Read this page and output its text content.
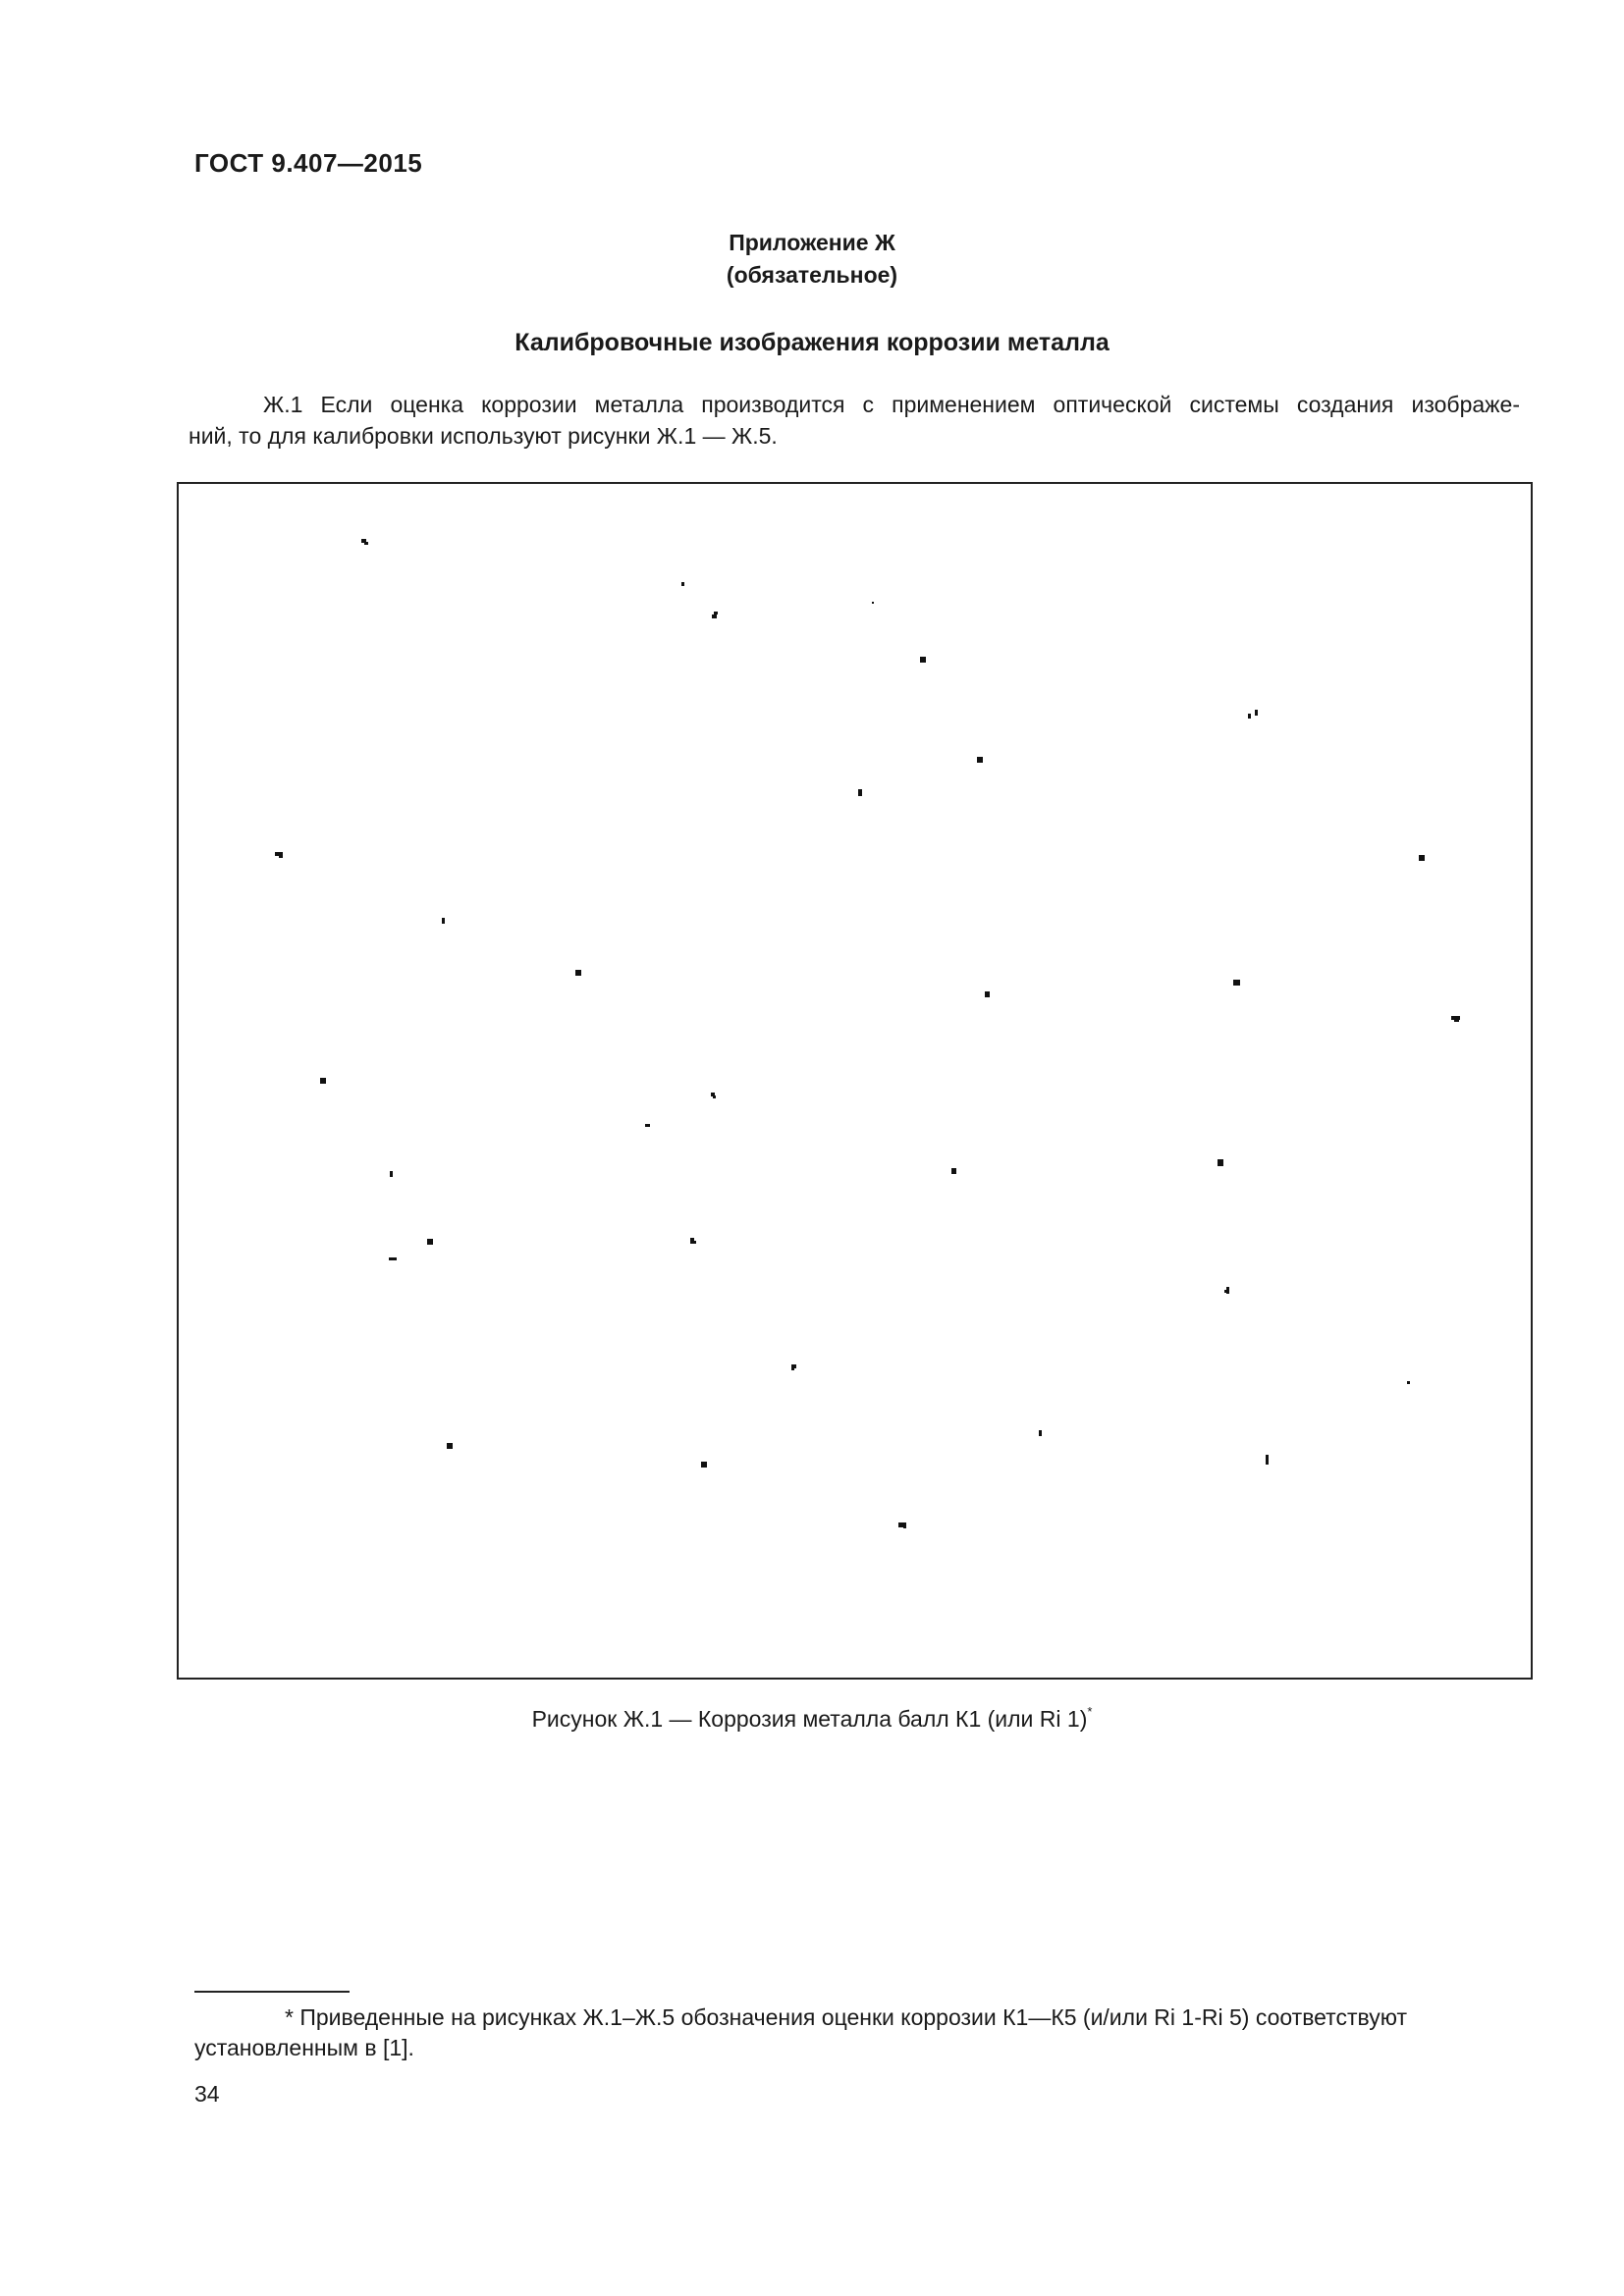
ГОСТ 9.407—2015
Приложение Ж
(обязательное)
Калибровочные изображения коррозии металла
Ж.1 Если оценка коррозии металла производится с применением оптической системы создания изображе-
ний, то для калибровки используют рисунки Ж.1 — Ж.5.
Рисунок Ж.1 — Коррозия металла балл К1 (или Ri 1)*
* Приведенные на рисунках Ж.1–Ж.5 обозначения оценки коррозии К1—К5 (и/или Ri 1-Ri 5) соответствуют
установленным в [1].
34
